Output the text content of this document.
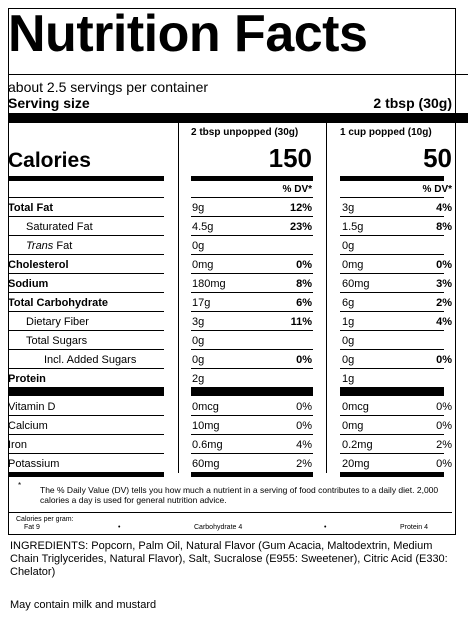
Nutrition Facts
about 2.5 servings per container
Serving size	2 tbsp (30g)
2 tbsp unpopped (30g)	1 cup popped (10g)
Calories	150	50
% DV*	% DV*
Total Fat	9g	12%	3g	4%
Saturated Fat	4.5g	23%	1.5g	8%
Trans Fat	0g	0g
Cholesterol	0mg	0%	0mg	0%
Sodium	180mg	8%	60mg	3%
Total Carbohydrate	17g	6%	6g	2%
Dietary Fiber	3g	11%	1g	4%
Total Sugars	0g	0g
Incl. Added Sugars	0g	0%	0g	0%
Protein	2g	1g
Vitamin D	0mcg	0%	0mcg	0%
Calcium	10mg	0%	0mg	0%
Iron	0.6mg	4%	0.2mg	2%
Potassium	60mg	2%	20mg	0%
* The % Daily Value (DV) tells you how much a nutrient in a serving of food contributes to a daily diet. 2,000 calories a day is used for general nutrition advice.
Calories per gram:
Fat 9	•	Carbohydrate 4	•	Protein 4
INGREDIENTS: Popcorn, Palm Oil, Natural Flavor (Gum Acacia, Maltodextrin, Medium Chain Triglycerides, Natural Flavor), Salt, Sucralose (E955: Sweetener), Citric Acid (E330: Chelator)
May contain milk and mustard
